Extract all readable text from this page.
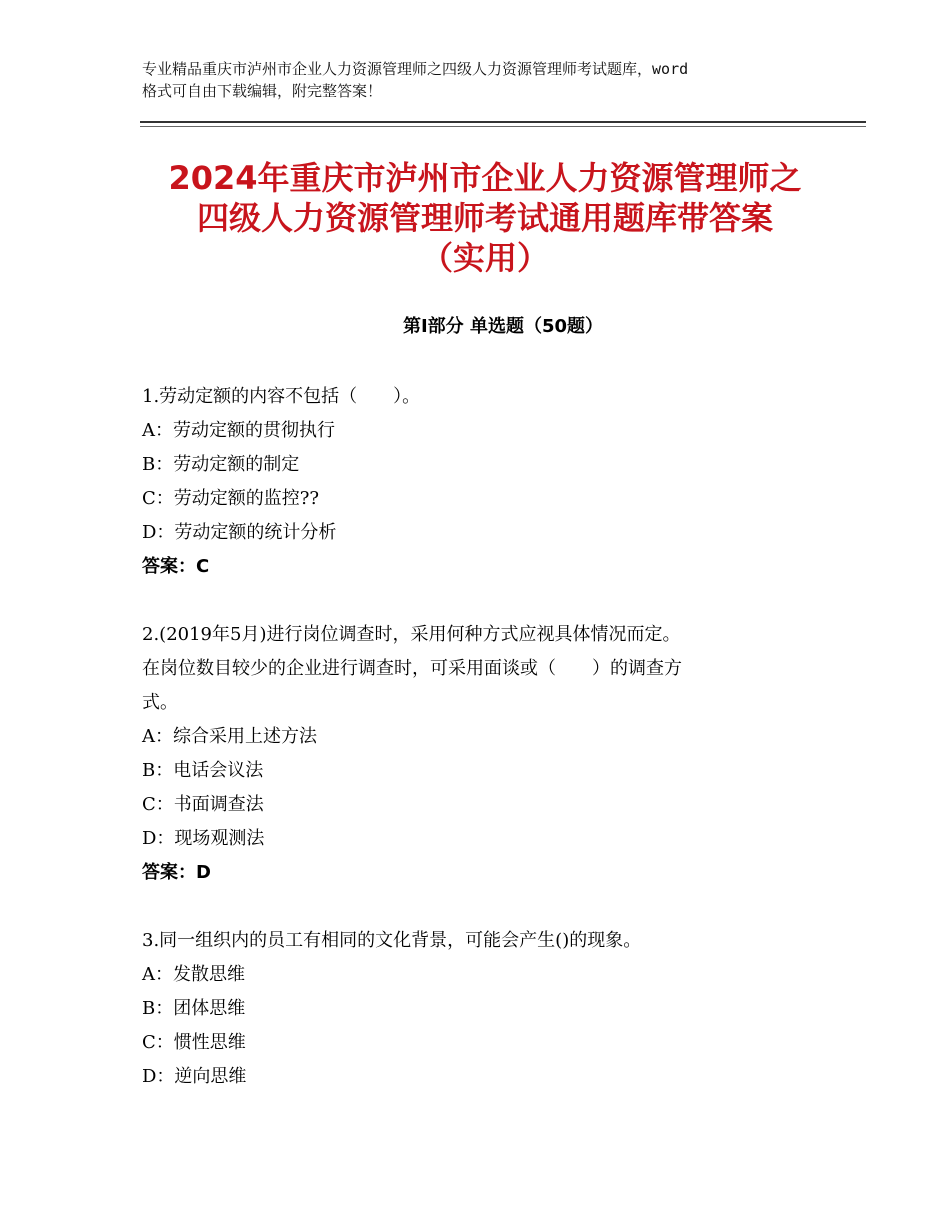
专业精品重庆市泸州市企业人力资源管理师之四级人力资源管理师考试题库，word
格式可自由下载编辑，附完整答案！
2024年重庆市泸州市企业人力资源管理师之
四级人力资源管理师考试通用题库带答案
（实用）
第Ⅰ部分 单选题（50题）
1.劳动定额的内容不包括（　　）。
A：劳动定额的贯彻执行
B：劳动定额的制定
C：劳动定额的监控??
D：劳动定额的统计分析
答案：C
2.(2019年5月)进行岗位调查时，采用何种方式应视具体情况而定。
在岗位数目较少的企业进行调查时，可采用面谈或（　　）的调查方
式。
A：综合采用上述方法
B：电话会议法
C：书面调查法
D：现场观测法
答案：D
3.同一组织内的员工有相同的文化背景，可能会产生()的现象。
A：发散思维
B：团体思维
C：惯性思维
D：逆向思维
